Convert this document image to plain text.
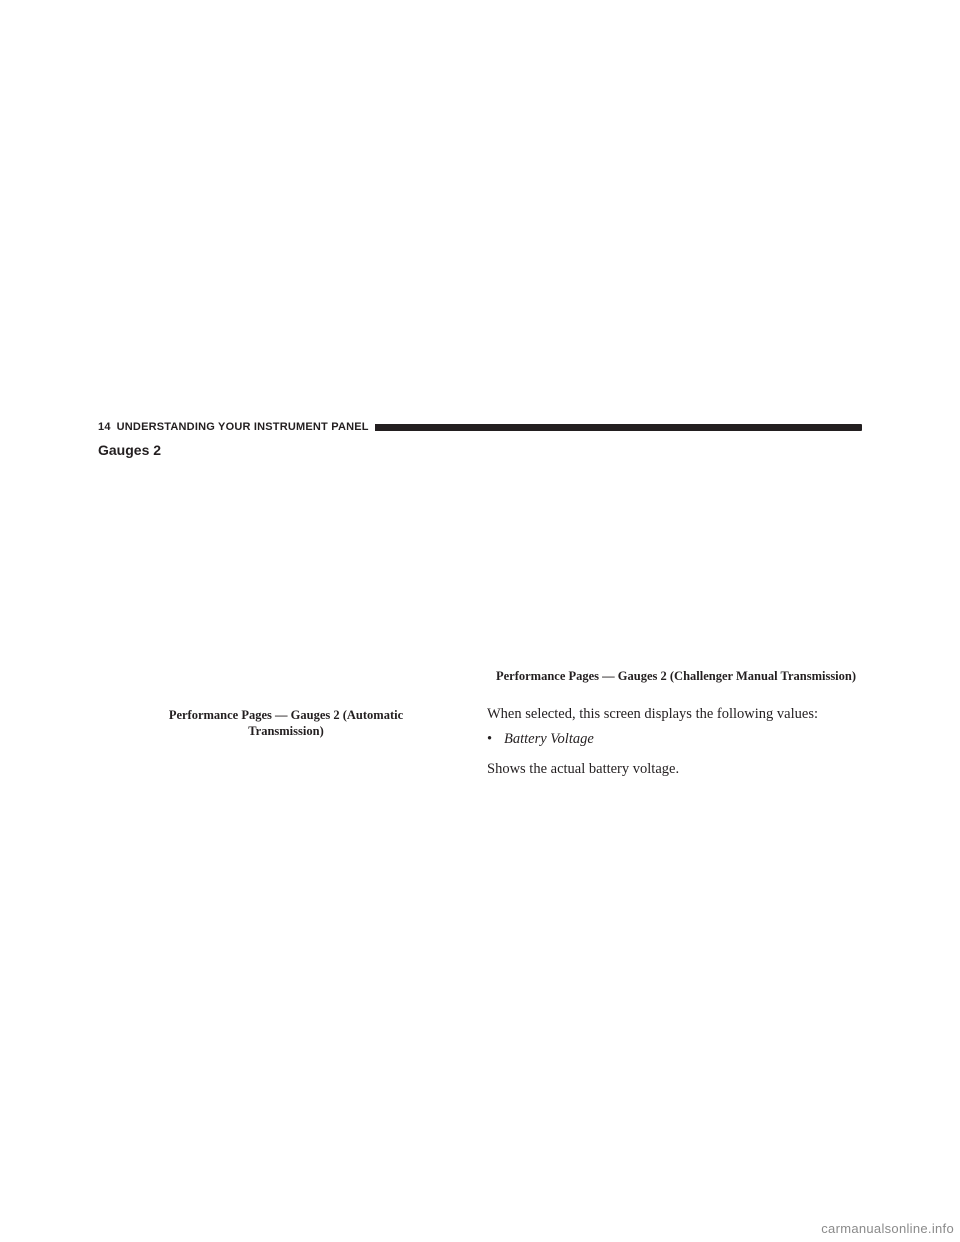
14 UNDERSTANDING YOUR INSTRUMENT PANEL
Gauges 2
Performance Pages — Gauges 2 (Automatic Transmission)
Performance Pages — Gauges 2 (Challenger Manual Transmission)

When selected, this screen displays the following values:

• Battery Voltage

Shows the actual battery voltage.

carmanualsonline.info
